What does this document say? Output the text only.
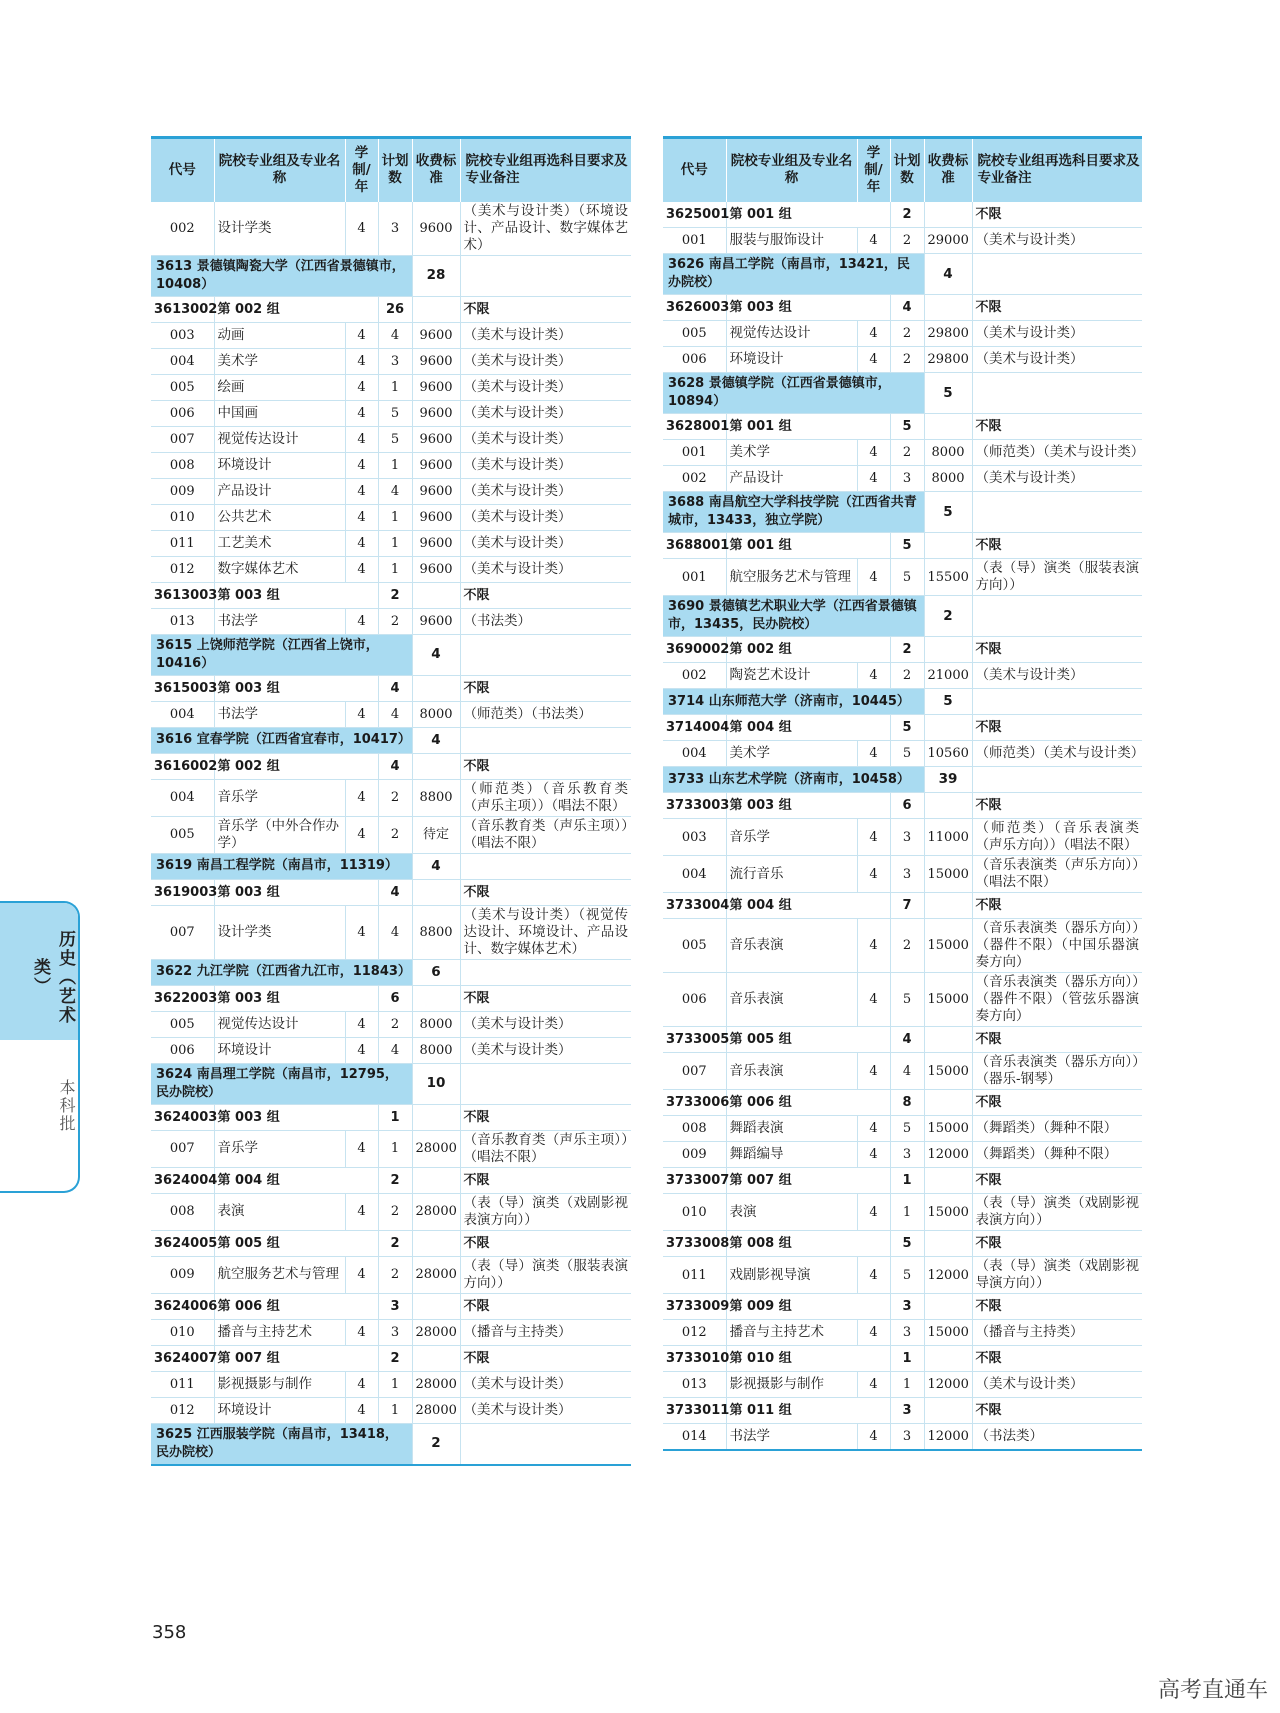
代号	院校专业组及专业名称	学制/年	计划数	收费标准	院校专业组再选科目要求及专业备注
002	设计学类	4	3	9600	（美术与设计类）（环境设计、产品设计、数字媒体艺术）
3613 景德镇陶瓷大学（江西省景德镇市，10408）				28	
3613002	第 002 组		26		不限
003	动画	4	4	9600	（美术与设计类）
004	美术学	4	3	9600	（美术与设计类）
005	绘画	4	1	9600	（美术与设计类）
006	中国画	4	5	9600	（美术与设计类）
007	视觉传达设计	4	5	9600	（美术与设计类）
008	环境设计	4	1	9600	（美术与设计类）
009	产品设计	4	4	9600	（美术与设计类）
010	公共艺术	4	1	9600	（美术与设计类）
011	工艺美术	4	1	9600	（美术与设计类）
012	数字媒体艺术	4	1	9600	（美术与设计类）
3613003	第 003 组		2		不限
013	书法学	4	2	9600	（书法类）
3615 上饶师范学院（江西省上饶市，10416）				4	
3615003	第 003 组		4		不限
004	书法学	4	4	8000	（师范类）（书法类）
3616 宜春学院（江西省宜春市，10417）				4	
3616002	第 002 组		4		不限
004	音乐学	4	2	8800	（师范类）（音乐教育类（声乐主项））（唱法不限）
005	音乐学（中外合作办学）	4	2	待定	（音乐教育类（声乐主项））（唱法不限）
3619 南昌工程学院（南昌市，11319）				4	
3619003	第 003 组		4		不限
007	设计学类	4	4	8800	（美术与设计类）（视觉传达设计、环境设计、产品设计、数字媒体艺术）
3622 九江学院（江西省九江市，11843）				6	
3622003	第 003 组		6		不限
005	视觉传达设计	4	2	8000	（美术与设计类）
006	环境设计	4	4	8000	（美术与设计类）
3624 南昌理工学院（南昌市，12795，民办院校）				10	
3624003	第 003 组		1		不限
007	音乐学	4	1	28000	（音乐教育类（声乐主项））（唱法不限）
3624004	第 004 组		2		不限
008	表演	4	2	28000	（表（导）演类（戏剧影视表演方向））
3624005	第 005 组		2		不限
009	航空服务艺术与管理	4	2	28000	（表（导）演类（服装表演方向））
3624006	第 006 组		3		不限
010	播音与主持艺术	4	3	28000	（播音与主持类）
3624007	第 007 组		2		不限
011	影视摄影与制作	4	1	28000	（美术与设计类）
012	环境设计	4	1	28000	（美术与设计类）
3625 江西服装学院（南昌市，13418，民办院校）				2	
代号	院校专业组及专业名称	学制/年	计划数	收费标准	院校专业组再选科目要求及专业备注
3625001	第 001 组		2		不限
001	服装与服饰设计	4	2	29000	（美术与设计类）
3626 南昌工学院（南昌市，13421，民办院校）				4	
3626003	第 003 组		4		不限
005	视觉传达设计	4	2	29800	（美术与设计类）
006	环境设计	4	2	29800	（美术与设计类）
3628 景德镇学院（江西省景德镇市，10894）				5	
3628001	第 001 组		5		不限
001	美术学	4	2	8000	（师范类）（美术与设计类）
002	产品设计	4	3	8000	（美术与设计类）
3688 南昌航空大学科技学院（江西省共青城市，13433，独立学院）				5	
3688001	第 001 组		5		不限
001	航空服务艺术与管理	4	5	15500	（表（导）演类（服装表演方向））
3690 景德镇艺术职业大学（江西省景德镇市，13435，民办院校）				2	
3690002	第 002 组		2		不限
002	陶瓷艺术设计	4	2	21000	（美术与设计类）
3714 山东师范大学（济南市，10445）				5	
3714004	第 004 组		5		不限
004	美术学	4	5	10560	（师范类）（美术与设计类）
3733 山东艺术学院（济南市，10458）				39	
3733003	第 003 组		6		不限
003	音乐学	4	3	11000	（师范类）（音乐表演类（声乐方向））（唱法不限）
004	流行音乐	4	3	15000	（音乐表演类（声乐方向））（唱法不限）
3733004	第 004 组		7		不限
005	音乐表演	4	2	15000	（音乐表演类（器乐方向））（器件不限）（中国乐器演奏方向）
006	音乐表演	4	5	15000	（音乐表演类（器乐方向））（器件不限）（管弦乐器演奏方向）
3733005	第 005 组		4		不限
007	音乐表演	4	4	15000	（音乐表演类（器乐方向））（器乐-钢琴）
3733006	第 006 组		8		不限
008	舞蹈表演	4	5	15000	（舞蹈类）（舞种不限）
009	舞蹈编导	4	3	12000	（舞蹈类）（舞种不限）
3733007	第 007 组		1		不限
010	表演	4	1	15000	（表（导）演类（戏剧影视表演方向））
3733008	第 008 组		5		不限
011	戏剧影视导演	4	5	12000	（表（导）演类（戏剧影视导演方向））
3733009	第 009 组		3		不限
012	播音与主持艺术	4	3	15000	（播音与主持类）
3733010	第 010 组		1		不限
013	影视摄影与制作	4	1	12000	（美术与设计类）
3733011	第 011 组		3		不限
014	书法学	4	3	12000	（书法类）
历史（艺术类）
本科批
358
高考直通车
